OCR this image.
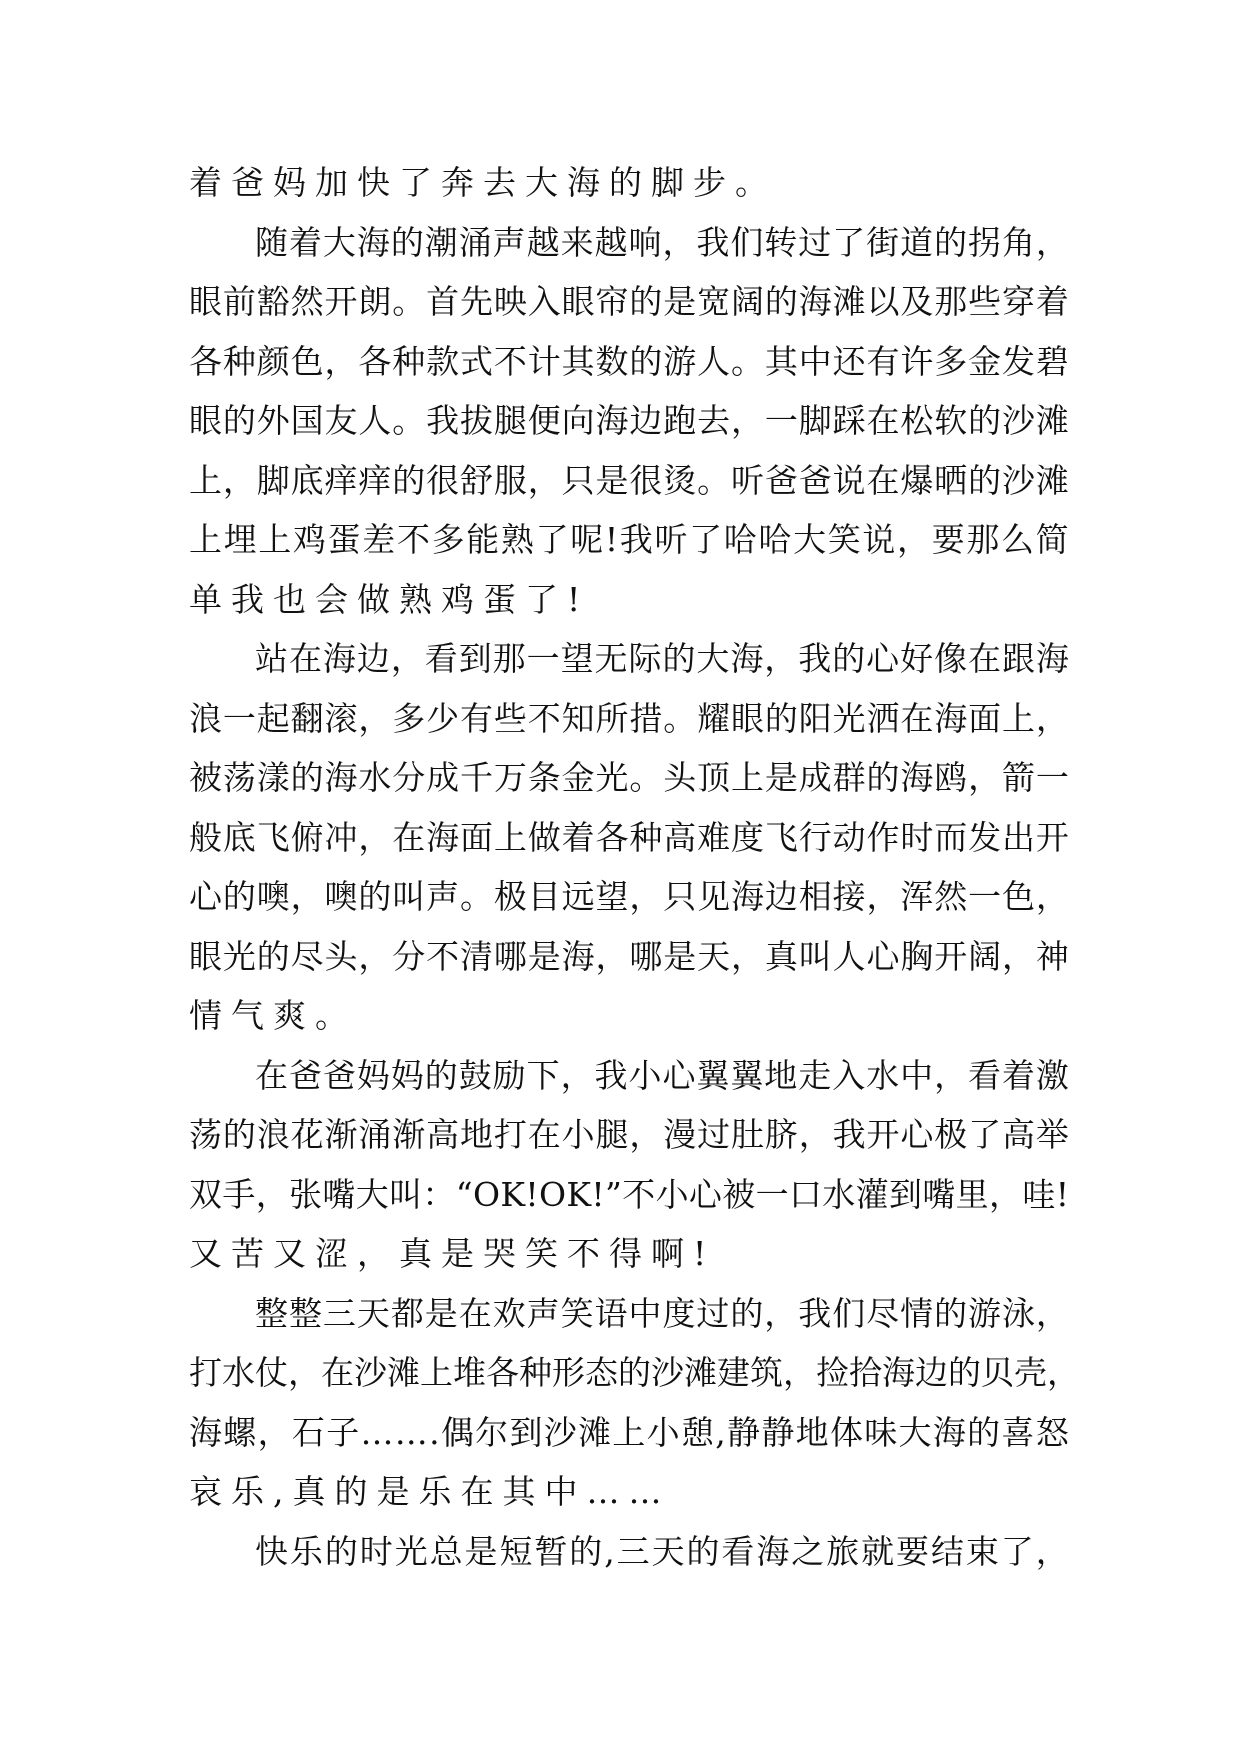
着 爸 妈 加 快 了 奔 去 大 海 的 脚 步 。
随 着 大 海 的 潮 涌 声 越 来 越 响 ， 我 们 转 过 了 街 道 的 拐 角 ，
眼 前 豁 然 开 朗 。 首 先 映 入 眼 帘 的 是 宽 阔 的 海 滩 以 及 那 些 穿 着
各 种 颜 色 ， 各 种 款 式 不 计 其 数 的 游 人 。 其 中 还 有 许 多 金 发 碧
眼 的 外 国 友 人 。 我 拔 腿 便 向 海 边 跑 去 ， 一 脚 踩 在 松 软 的 沙 滩
上 ， 脚 底 痒 痒 的 很 舒 服 ， 只 是 很 烫 。 听 爸 爸 说 在 爆 晒 的 沙 滩
上 埋 上 鸡 蛋 差 不 多 能 熟 了 呢 ! 我 听 了 哈 哈 大 笑 说 ， 要 那 么 简
单 我 也 会 做 熟 鸡 蛋 了 !
站 在 海 边 ， 看 到 那 一 望 无 际 的 大 海 ， 我 的 心 好 像 在 跟 海
浪 一 起 翻 滚 ， 多 少 有 些 不 知 所 措 。 耀 眼 的 阳 光 洒 在 海 面 上 ，
被 荡 漾 的 海 水 分 成 千 万 条 金 光 。 头 顶 上 是 成 群 的 海 鸥 ， 箭 一
般 底 飞 俯 冲 ， 在 海 面 上 做 着 各 种 高 难 度 飞 行 动 作 时 而 发 出 开
心 的 噢 ， 噢 的 叫 声 。 极 目 远 望 ， 只 见 海 边 相 接 ， 浑 然 一 色 ，
眼 光 的 尽 头 ， 分 不 清 哪 是 海 ， 哪 是 天 ， 真 叫 人 心 胸 开 阔 ， 神
情 气 爽 。
在 爸 爸 妈 妈 的 鼓 励 下 ， 我 小 心 翼 翼 地 走 入 水 中 ， 看 着 激
荡 的 浪 花 渐 涌 渐 高 地 打 在 小 腿 ， 漫 过 肚 脐 ， 我 开 心 极 了 高 举
双 手 ， 张 嘴 大 叫 ： “ O K ! O K ! ” 不 小 心 被 一 口 水 灌 到 嘴 里 ， 哇 !
又 苦 又 涩 ， 真 是 哭 笑 不 得 啊 !
整 整 三 天 都 是 在 欢 声 笑 语 中 度 过 的 ， 我 们 尽 情 的 游 泳 ，
打 水 仗 ， 在 沙 滩 上 堆 各 种 形 态 的 沙 滩 建 筑 ， 捡 拾 海 边 的 贝 壳 ，
海 螺 ， 石 子 … … . 偶 尔 到 沙 滩 上 小 憩 , 静 静 地 体 味 大 海 的 喜 怒
哀 乐 , 真 的 是 乐 在 其 中 … …
快 乐 的 时 光 总 是 短 暂 的 , 三 天 的 看 海 之 旅 就 要 结 束 了 ，
